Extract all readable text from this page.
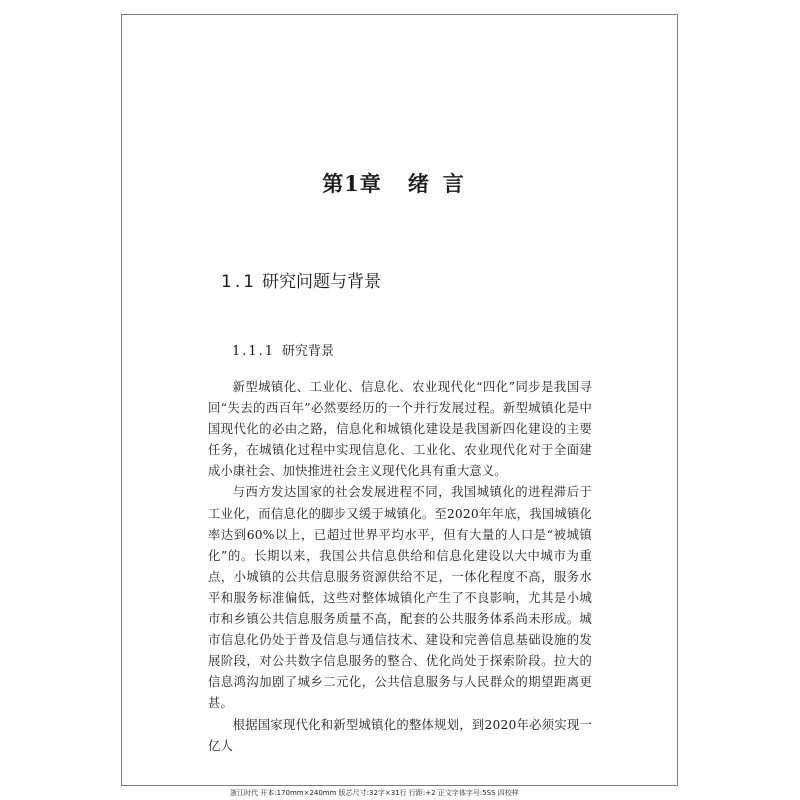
第1章 绪言
1.1 研究问题与背景
1.1.1 研究背景

新型城镇化、工业化、信息化、农业现代化“四化”同步是我国寻回“失去的西百年”必然要经历的一个并行发展过程。新型城镇化是中国现代化的必由之路，信息化和城镇化建设是我国新四化建设的主要任务，在城镇化过程中实现信息化、工业化、农业现代化对于全面建成小康社会、加快推进社会主义现代化具有重大意义。

与西方发达国家的社会发展进程不同，我国城镇化的进程滞后于工业化，而信息化的脚步又缓于城镇化。至2020年年底，我国城镇化率达到60%以上，已超过世界平均水平，但有大量的人口是“被城镇化”的。长期以来，我国公共信息供给和信息化建设以大中城市为重点，小城镇的公共信息服务资源供给不足，一体化程度不高，服务水平和服务标准偏低，这些对整体城镇化产生了不良影响，尤其是小城市和乡镇公共信息服务质量不高，配套的公共服务体系尚未形成。城市信息化仍处于普及信息与通信技术、建设和完善信息基础设施的发展阶段，对公共数字信息服务的整合、优化尚处于探索阶段。拉大的信息鸿沟加剧了城乡二元化，公共信息服务与人民群众的期望距离更甚。

根据国家现代化和新型城镇化的整体规划，到2020年必须实现一亿人

浙江时代 开本:170mm×240mm 版芯尺寸:32字×31行 行距:+2 正文字体字号:5SS 四校样
